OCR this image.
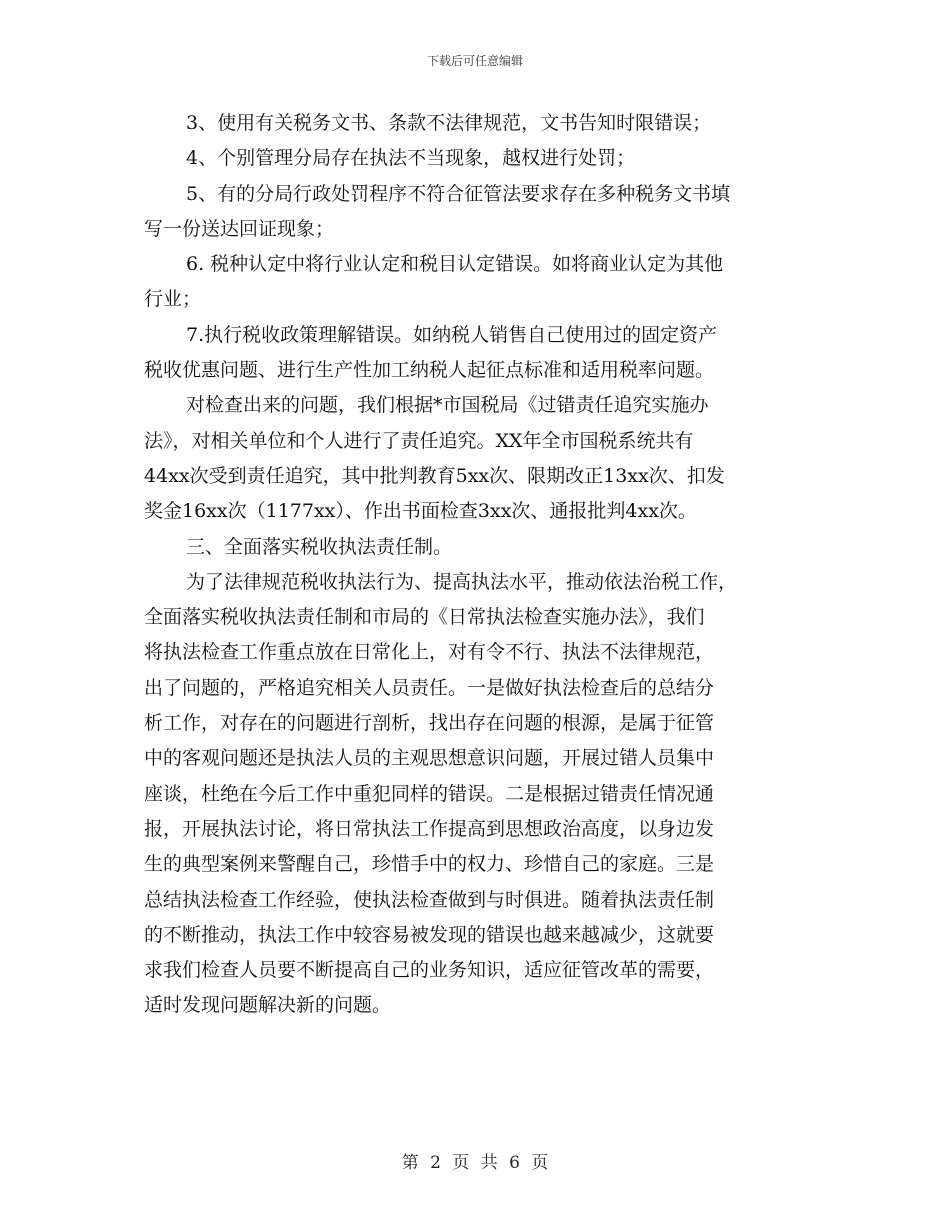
下载后可任意编辑
3、使用有关税务文书、条款不法律规范，文书告知时限错误；
4、个别管理分局存在执法不当现象，越权进行处罚；
5、有的分局行政处罚程序不符合征管法要求存在多种税务文书填
写一份送达回证现象；
6. 税种认定中将行业认定和税目认定错误。如将商业认定为其他
行业；
7.执行税收政策理解错误。如纳税人销售自己使用过的固定资产
税收优惠问题、进行生产性加工纳税人起征点标准和适用税率问题。
对检查出来的问题，我们根据*市国税局《过错责任追究实施办
法》，对相关单位和个人进行了责任追究。XX年全市国税系统共有
44xx次受到责任追究，其中批判教育5xx次、限期改正13xx次、扣发
奖金16xx次（1177xx）、作出书面检查3xx次、通报批判4xx次。
三、全面落实税收执法责任制。
为了法律规范税收执法行为、提高执法水平，推动依法治税工作，
全面落实税收执法责任制和市局的《日常执法检查实施办法》，我们
将执法检查工作重点放在日常化上，对有令不行、执法不法律规范，
出了问题的，严格追究相关人员责任。一是做好执法检查后的总结分
析工作，对存在的问题进行剖析，找出存在问题的根源，是属于征管
中的客观问题还是执法人员的主观思想意识问题，开展过错人员集中
座谈，杜绝在今后工作中重犯同样的错误。二是根据过错责任情况通
报，开展执法讨论，将日常执法工作提高到思想政治高度，以身边发
生的典型案例来警醒自己，珍惜手中的权力、珍惜自己的家庭。三是
总结执法检查工作经验，使执法检查做到与时俱进。随着执法责任制
的不断推动，执法工作中较容易被发现的错误也越来越减少，这就要
求我们检查人员要不断提高自己的业务知识，适应征管改革的需要，
适时发现问题解决新的问题。
第 2 页 共 6 页
